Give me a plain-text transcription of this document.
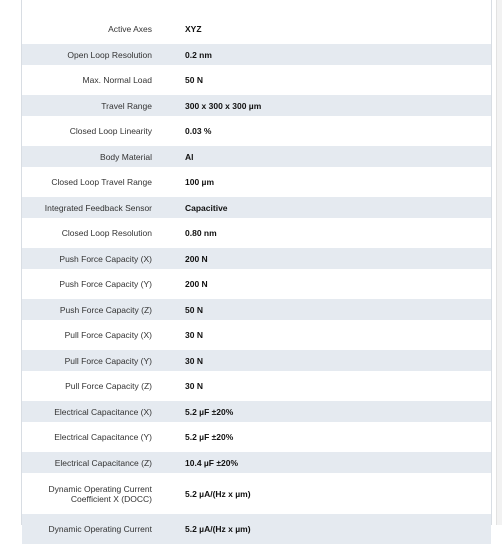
Active Axes	XYZ
Open Loop Resolution	0.2 nm
Max. Normal Load	50 N
Travel Range	300 x 300 x 300 µm
Closed Loop Linearity	0.03 %
Body Material	Al
Closed Loop Travel Range	100 µm
Integrated Feedback Sensor	Capacitive
Closed Loop Resolution	0.80 nm
Push Force Capacity (X)	200 N
Push Force Capacity (Y)	200 N
Push Force Capacity (Z)	50 N
Pull Force Capacity (X)	30 N
Pull Force Capacity (Y)	30 N
Pull Force Capacity (Z)	30 N
Electrical Capacitance (X)	5.2 µF ±20%
Electrical Capacitance (Y)	5.2 µF ±20%
Electrical Capacitance (Z)	10.4 µF ±20%
Dynamic Operating Current Coefficient X (DOCC)	5.2 µA/(Hz x µm)
Dynamic Operating Current	5.2 µA/(Hz x µm)
